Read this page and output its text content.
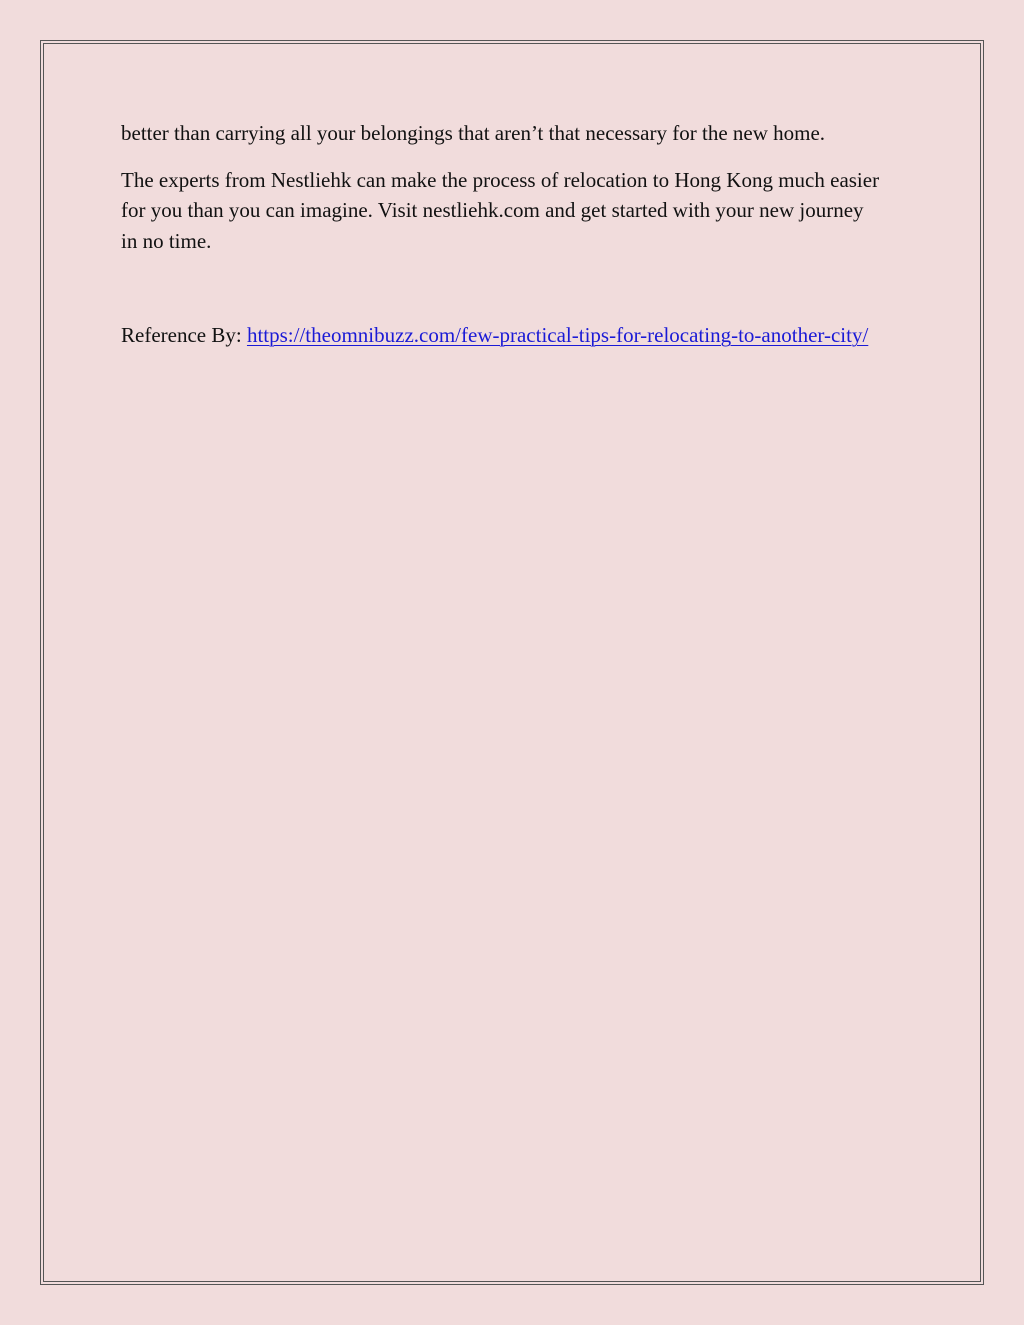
better than carrying all your belongings that aren’t that necessary for the new home.

The experts from Nestliehk can make the process of relocation to Hong Kong much easier for you than you can imagine. Visit nestliehk.com and get started with your new journey in no time.

Reference By: https://theomnibuzz.com/few-practical-tips-for-relocating-to-another-city/
